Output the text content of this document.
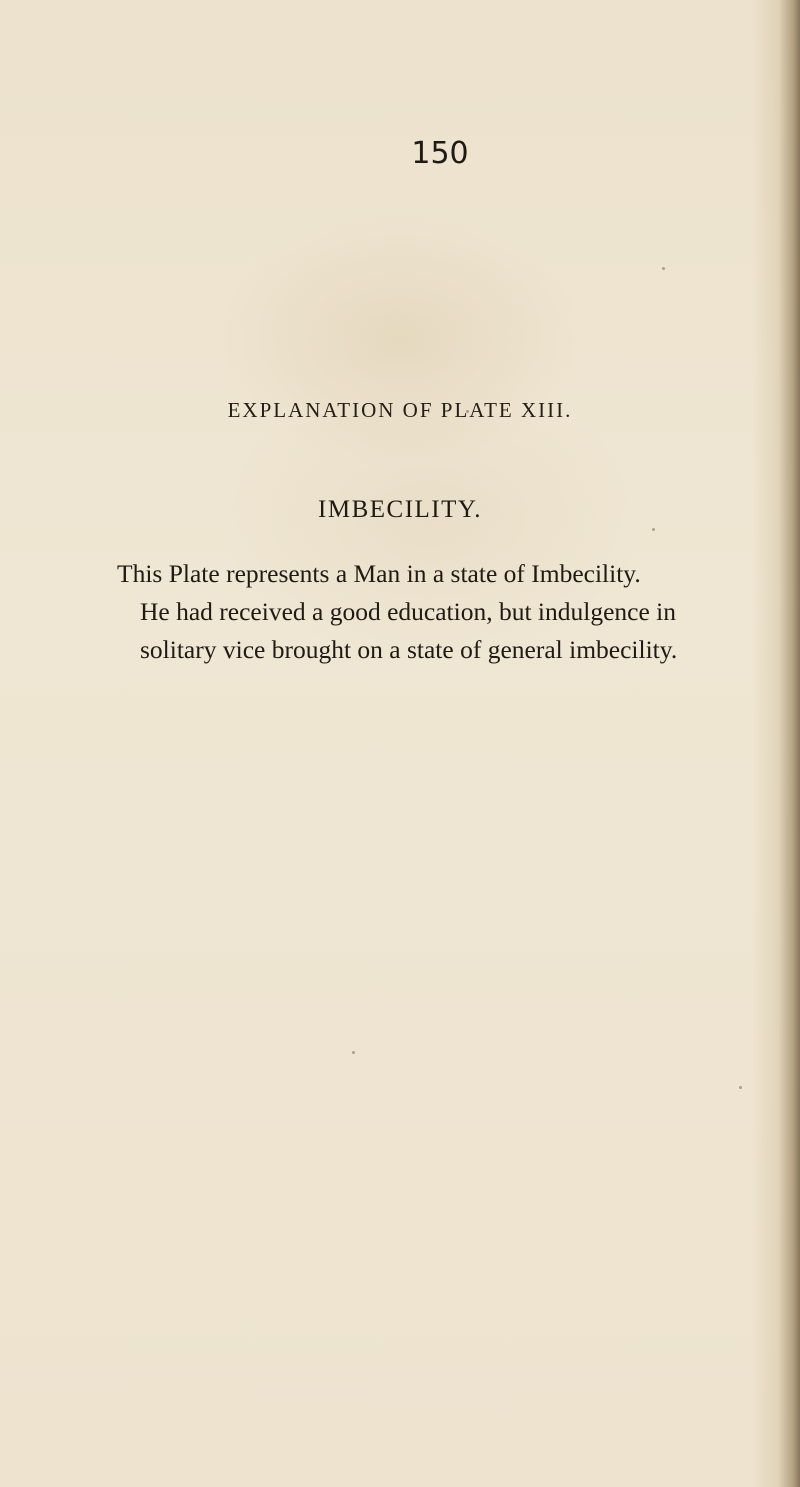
150
EXPLANATION OF PLATE XIII.
IMBECILITY.
This Plate represents a Man in a state of Imbecility.
He had received a good education, but indulgence in
solitary vice brought on a state of general imbecility.
